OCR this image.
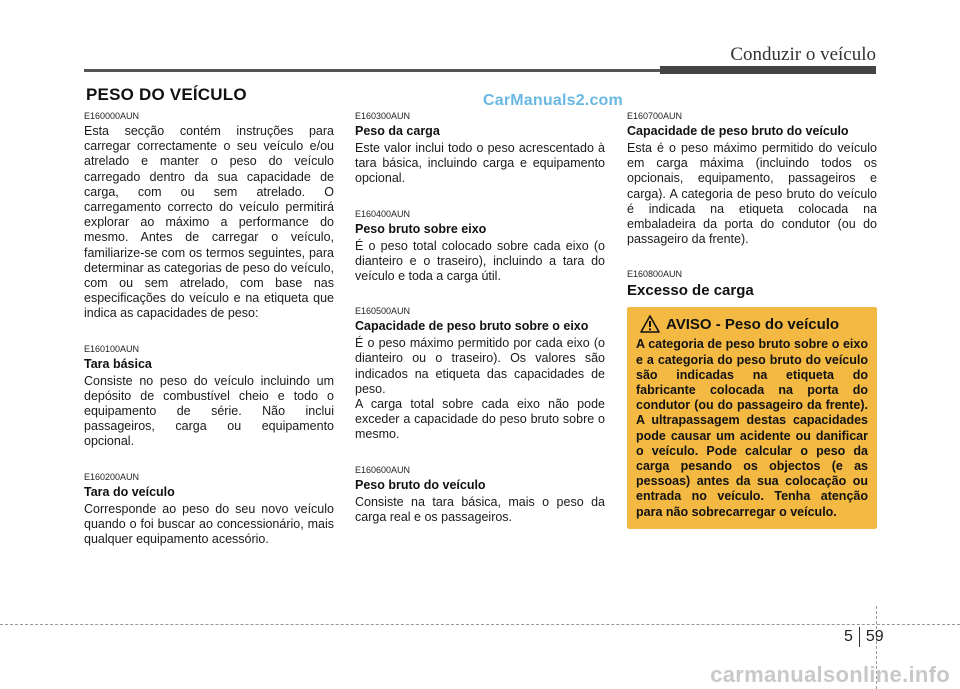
Conduzir o veículo
PESO DO VEÍCULO	CarManuals2.com

E160000AUN

Esta secção contém instruções para carregar correctamente o seu veículo e/ou atrelado e manter o peso do veículo carregado dentro da sua capacidade de carga, com ou sem atrelado. O carregamento correcto do veículo permitirá explorar ao máximo a performance do mesmo. Antes de carregar o veículo, familiarize-se com os termos seguintes, para determinar as categorias de peso do veículo, com ou sem atrelado, com base nas especificações do veículo e na etiqueta que indica as capacidades de peso:

E160100AUN

Tara básica

Consiste no peso do veículo incluindo um depósito de combustível cheio e todo o equipamento de série. Não inclui passageiros, carga ou equipamento opcional.

E160200AUN

Tara do veículo

Corresponde ao peso do seu novo veículo quando o foi buscar ao concessionário, mais qualquer equipamento acessório.

E160300AUN

Peso da carga

Este valor inclui todo o peso acrescentado à tara básica, incluindo carga e equipamento opcional.

E160400AUN

Peso bruto sobre eixo

É o peso total colocado sobre cada eixo (o dianteiro e o traseiro), incluindo a tara do veículo e toda a carga útil.

E160500AUN

Capacidade de peso bruto sobre o eixo

É o peso máximo permitido por cada eixo (o dianteiro ou o traseiro). Os valores são indicados na etiqueta das capacidades de peso.

A carga total sobre cada eixo não pode exceder a capacidade do peso bruto sobre o mesmo.

E160600AUN

Peso bruto do veículo

Consiste na tara básica, mais o peso da carga real e os passageiros.

E160700AUN

Capacidade de peso bruto do veículo

Esta é o peso máximo permitido do veículo em carga máxima (incluindo todos os opcionais, equipamento, passageiros e carga). A categoria de peso bruto do veículo é indicada na etiqueta colocada na embaladeira da porta do condutor (ou do passageiro da frente).

E160800AUN

Excesso de carga

AVISO - Peso do veículo
A categoria de peso bruto sobre o eixo e a categoria do peso bruto do veículo são indicadas na etiqueta do fabricante colocada na porta do condutor (ou do passageiro da frente). A ultrapassagem destas capacidades pode causar um acidente ou danificar o veículo. Pode calcular o peso da carga pesando os objectos (e as pessoas) antes da sua colocação ou entrada no veículo. Tenha atenção para não sobrecarregar o veículo.
5 59
carmanualsonline.info
